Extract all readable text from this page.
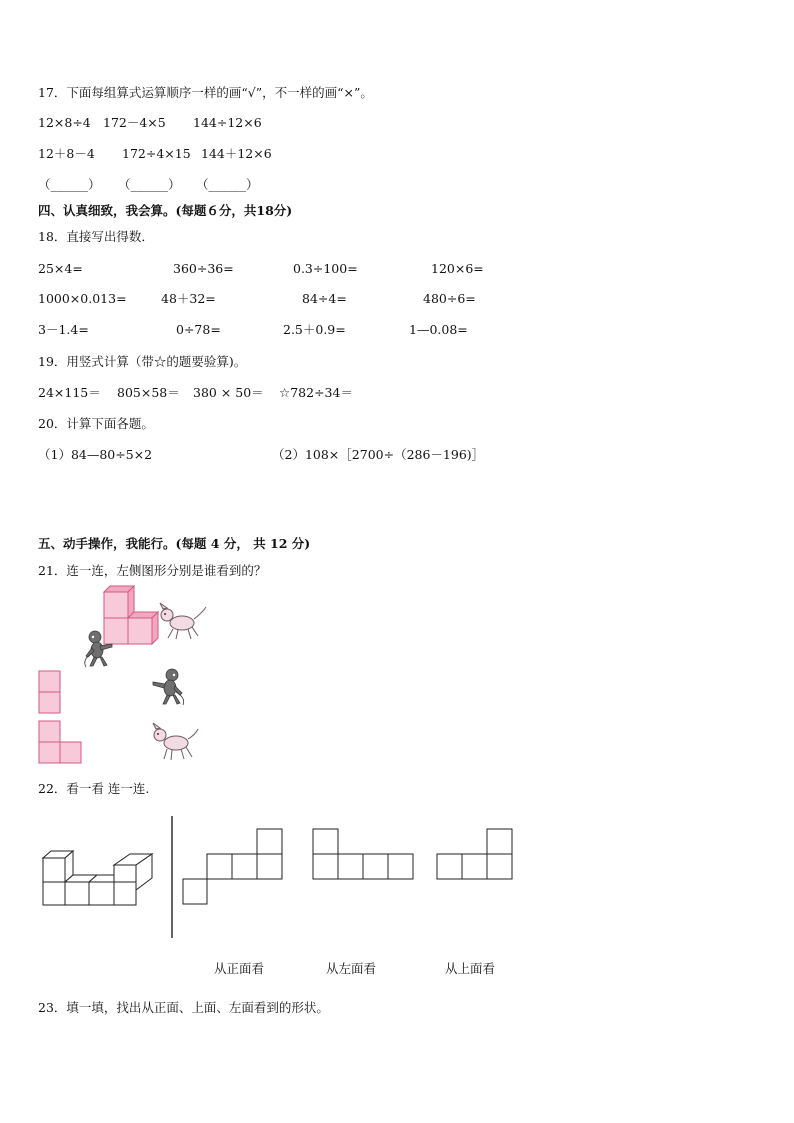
17．下面每组算式运算顺序一样的画“√”，不一样的画“×”。
12×8÷4 172－4×5 144÷12×6
12＋8－4 172÷4×15 144＋12×6
（______） （______） （______）
四、认真细致，我会算。(每题６分，共18分)
18．直接写出得数．
25×4=	360÷36=	0.3÷100=	120×6=
1000×0.013=	48＋32=	84÷4=	480÷6=
3－1.4=	0÷78=	2.5＋0.9=	1—0.08=
19．用竖式计算（带☆的题要验算)。
24×115＝ 805×58＝ 380 × 50＝ ☆782÷34＝
20．计算下面各题。
（1）84—80÷5×2	（2）108×［2700÷（286－196)］
五、动手操作，我能行。(每题 4 分， 共 12 分)
21．连一连，左侧图形分别是谁看到的？
22．看一看 连一连.
从正面看	从左面看	从上面看
23．填一填，找出从正面、上面、左面看到的形状。
